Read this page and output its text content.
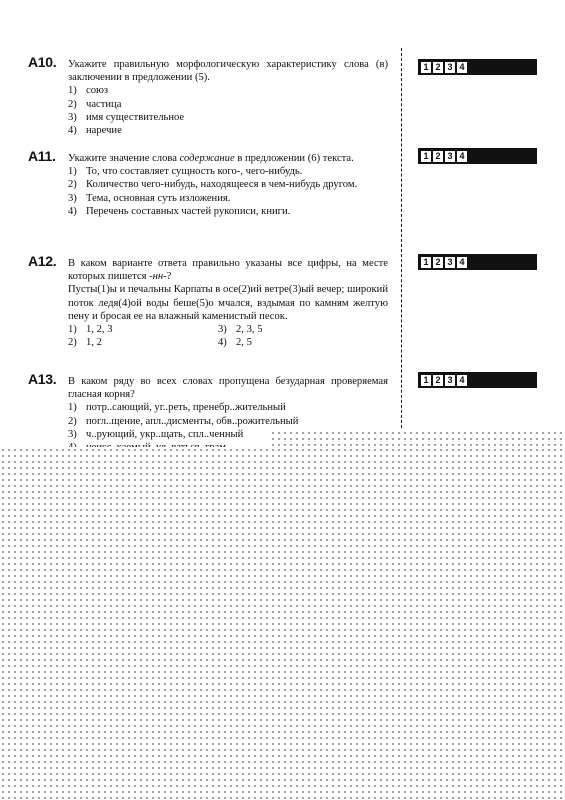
A10. Укажите правильную морфологическую характеристику слова (в) заключении в предложении (5).
1) союз
2) частица
3) имя существительное
4) наречие
A11. Укажите значение слова содержание в предложении (6) текста.
1) То, что составляет сущность кого-, чего-нибудь.
2) Количество чего-нибудь, находящееся в чем-нибудь другом.
3) Тема, основная суть изложения.
4) Перечень составных частей рукописи, книги.
A12. В каком варианте ответа правильно указаны все цифры, на месте которых пишется -нн-?
Пусты(1)ы и печальны Карпаты в осе(2)ий ветре(3)ый вечер; широкий поток ледя(4)ой воды беше(5)о мчался, вздымая по камням желтую пену и бросая ее на влажный каменистый песок.
1) 1, 2, 3	3) 2, 3, 5
2) 1, 2	4) 2, 5
A13. В каком ряду во всех словах пропущена безударная проверяемая гласная корня?
1) потр..сающий, уг..реть, пренебр..жительный
2) погл..щение, апл..дисменты, обв..рожительный
3) ч..рующий, укр..щать, спл..ченный
1 2 3 4
1 2 3 4
1 2 3 4
1 2 3 4
